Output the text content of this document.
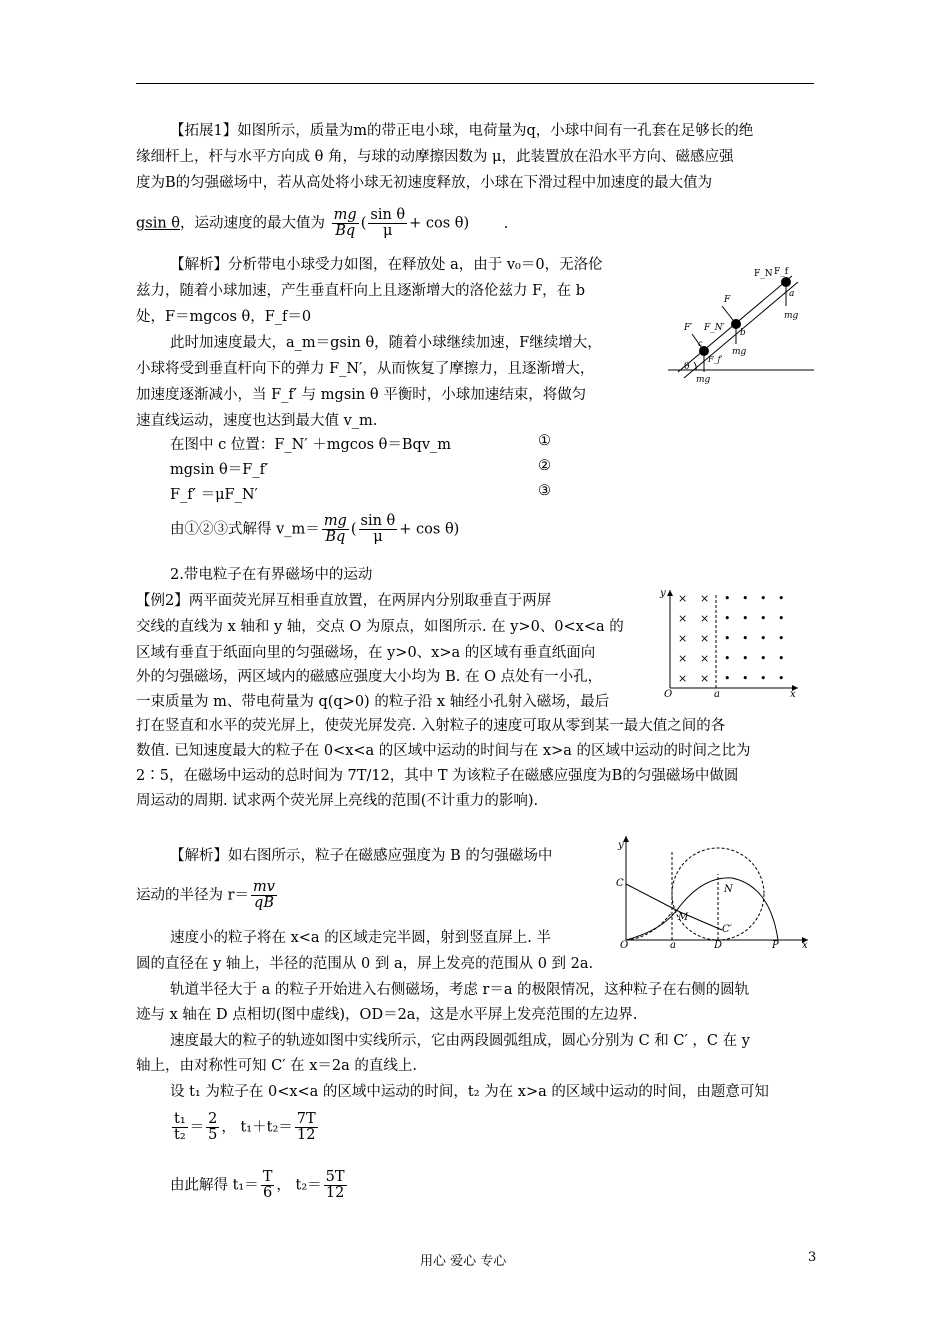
【拓展1】如图所示，质量为m的带正电小球，电荷量为q，小球中间有一孔套在足够长的绝
缘细杆上，杆与水平方向成 θ 角，与球的动摩擦因数为 μ，此装置放在沿水平方向、磁感应强
度为B的匀强磁场中，若从高处将小球无初速度释放，小球在下滑过程中加速度的最大值为
gsin θ，运动速度的最大值为 $\frac{mg}{Bq}$ ( $\frac{\text{sin θ}}{\mu} + \cos \theta$) .
【解析】分析带电小球受力如图，在释放处 a，由于 v₀＝0，无洛伦
兹力，随着小球加速，产生垂直杆向上且逐渐增大的洛伦兹力 F，在 b
处，F＝mgcos θ，F_f＝0
此时加速度最大，a_m＝gsin θ，随着小球继续加速，F继续增大，
小球将受到垂直杆向下的弹力 F_N′，从而恢复了摩擦力，且逐渐增大，
加速度逐渐减小，当 F_f′ 与 mgsin θ 平衡时，小球加速结束，将做匀
速直线运动，速度也达到最大值 v_m.
在图中 c 位置：F_N′ ＋mgcos θ＝Bqv_m	①
mgsin θ＝F_f′	②
F_f′ ＝μF_N′	③
由①②③式解得 v_m＝ $\frac{mg}{Bq}$ ( $\frac{\text{sin θ}}{\mu} + \cos \theta$)
F_N F_f
a
mg
F
b
mg
F′ F_N′
F_f′
c
θ
mg
2.带电粒子在有界磁场中的运动
【例2】两平面荧光屏互相垂直放置，在两屏内分别取垂直于两屏
交线的直线为 x 轴和 y 轴，交点 O 为原点，如图所示. 在 y>0、0<x<a 的
区域有垂直于纸面向里的匀强磁场，在 y>0、x>a 的区域有垂直纸面向
外的匀强磁场，两区域内的磁感应强度大小均为 B. 在 O 点处有一小孔，
一束质量为 m、带电荷量为 q(q>0) 的粒子沿 x 轴经小孔射入磁场，最后
打在竖直和水平的荧光屏上，使荧光屏发亮. 入射粒子的速度可取从零到某一最大值之间的各
数值. 已知速度最大的粒子在 0<x<a 的区域中运动的时间与在 x>a 的区域中运动的时间之比为
2∶5，在磁场中运动的总时间为 7T/12，其中 T 为该粒子在磁感应强度为B的匀强磁场中做圆
周运动的周期. 试求两个荧光屏上亮线的范围(不计重力的影响).
×
×
×
×
×
×
×
×
×
×
•
•
•
•
•
•
•
•
•
•
•
•
•
•
•
•
•
•
•
•
y
x
O	a
【解析】如右图所示，粒子在磁感应强度为 B 的匀强磁场中
运动的半径为 $r= \frac{mv}{qB}$
速度小的粒子将在 x<a 的区域走完半圆，射到竖直屏上. 半
圆的直径在 y 轴上，半径的范围从 0 到 a，屏上发亮的范围从 0 到 2a.
轨道半径大于 a 的粒子开始进入右侧磁场，考虑 r＝a 的极限情况，这种粒子在右侧的圆轨
迹与 x 轴在 D 点相切(图中虚线)，OD＝2a，这是水平屏上发亮范围的左边界.
速度最大的粒子的轨迹如图中实线所示，它由两段圆弧组成，圆心分别为 C 和 C′ ，C 在 y
轴上，由对称性可知 C′ 在 x＝2a 的直线上.
设 t₁ 为粒子在 0<x<a 的区域中运动的时间，t₂ 为在 x>a 的区域中运动的时间，由题意可知
$\frac{\text{t₁}}{\text{t₂}} = \frac{2}{5}$ ， $t_1+t_2= \frac{7T}{12}$
由此解得 $t_1= \frac{T}{6}$ ， $t_2= \frac{5T}{12}$
C
N
M
C′
y
x
O	a	D	P
用心 爱心 专心	3
